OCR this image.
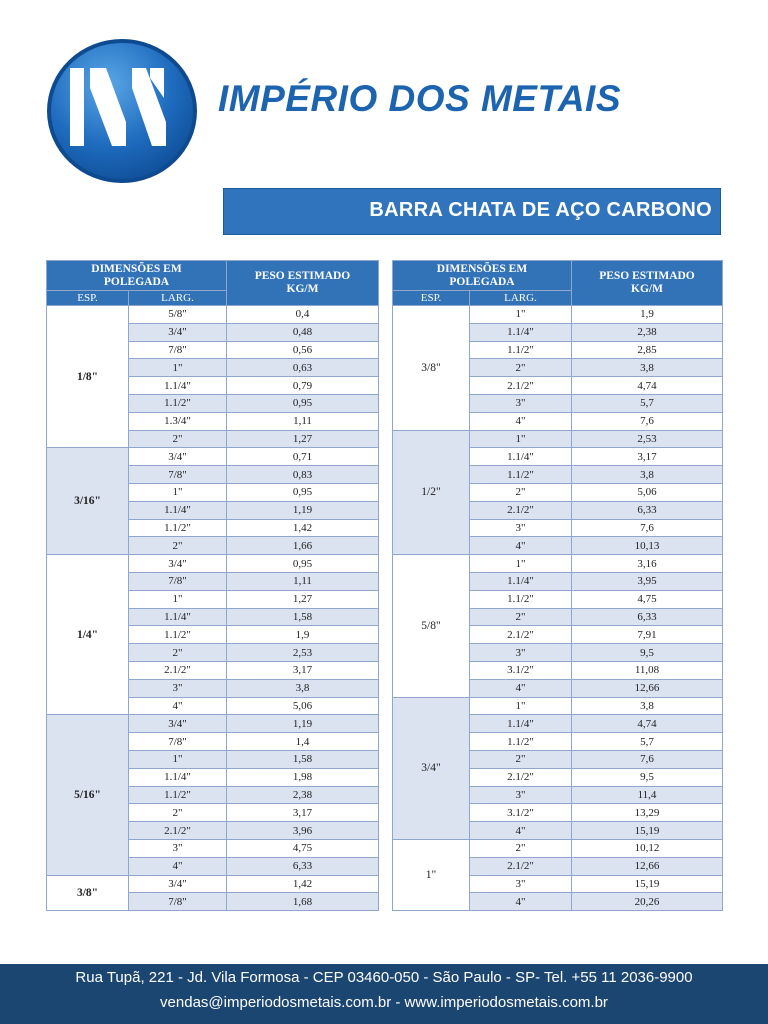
IMPÉRIO DOS METAIS
BARRA CHATA DE AÇO CARBONO
DIMENSÕES EM POLEGADA		PESO ESTIMADO KG/M
ESP.	LARG.	
1/8"	5/8"	0,4
	3/4"	0,48
	7/8"	0,56
	1"	0,63
	1.1/4"	0,79
	1.1/2"	0,95
	1.3/4"	1,11
	2"	1,27
3/16"	3/4"	0,71
	7/8"	0,83
	1"	0,95
	1.1/4"	1,19
	1.1/2"	1,42
	2"	1,66
1/4"	3/4"	0,95
	7/8"	1,11
	1"	1,27
	1.1/4"	1,58
	1.1/2"	1,9
	2"	2,53
	2.1/2"	3,17
	3"	3,8
	4"	5,06
5/16"	3/4"	1,19
	7/8"	1,4
	1"	1,58
	1.1/4"	1,98
	1.1/2"	2,38
	2"	3,17
	2.1/2"	3,96
	3"	4,75
	4"	6,33
3/8"	3/4"	1,42
	7/8"	1,68
DIMENSÕES EM POLEGADA		PESO ESTIMADO KG/M
ESP.	LARG.	
3/8"	1"	1,9
	1.1/4"	2,38
	1.1/2"	2,85
	2"	3,8
	2.1/2"	4,74
	3"	5,7
	4"	7,6
1/2"	1"	2,53
	1.1/4"	3,17
	1.1/2"	3,8
	2"	5,06
	2.1/2"	6,33
	3"	7,6
	4"	10,13
5/8"	1"	3,16
	1.1/4"	3,95
	1.1/2"	4,75
	2"	6,33
	2.1/2"	7,91
	3"	9,5
	3.1/2"	11,08
	4"	12,66
3/4"	1"	3,8
	1.1/4"	4,74
	1.1/2"	5,7
	2"	7,6
	2.1/2"	9,5
	3"	11,4
	3.1/2"	13,29
	4"	15,19
1"	2"	10,12
	2.1/2"	12,66
	3"	15,19
	4"	20,26
Rua Tupã, 221 - Jd. Vila Formosa - CEP 03460-050 - São Paulo - SP- Tel. +55 11 2036-9900
vendas@imperiodosmetais.com.br - www.imperiodosmetais.com.br
